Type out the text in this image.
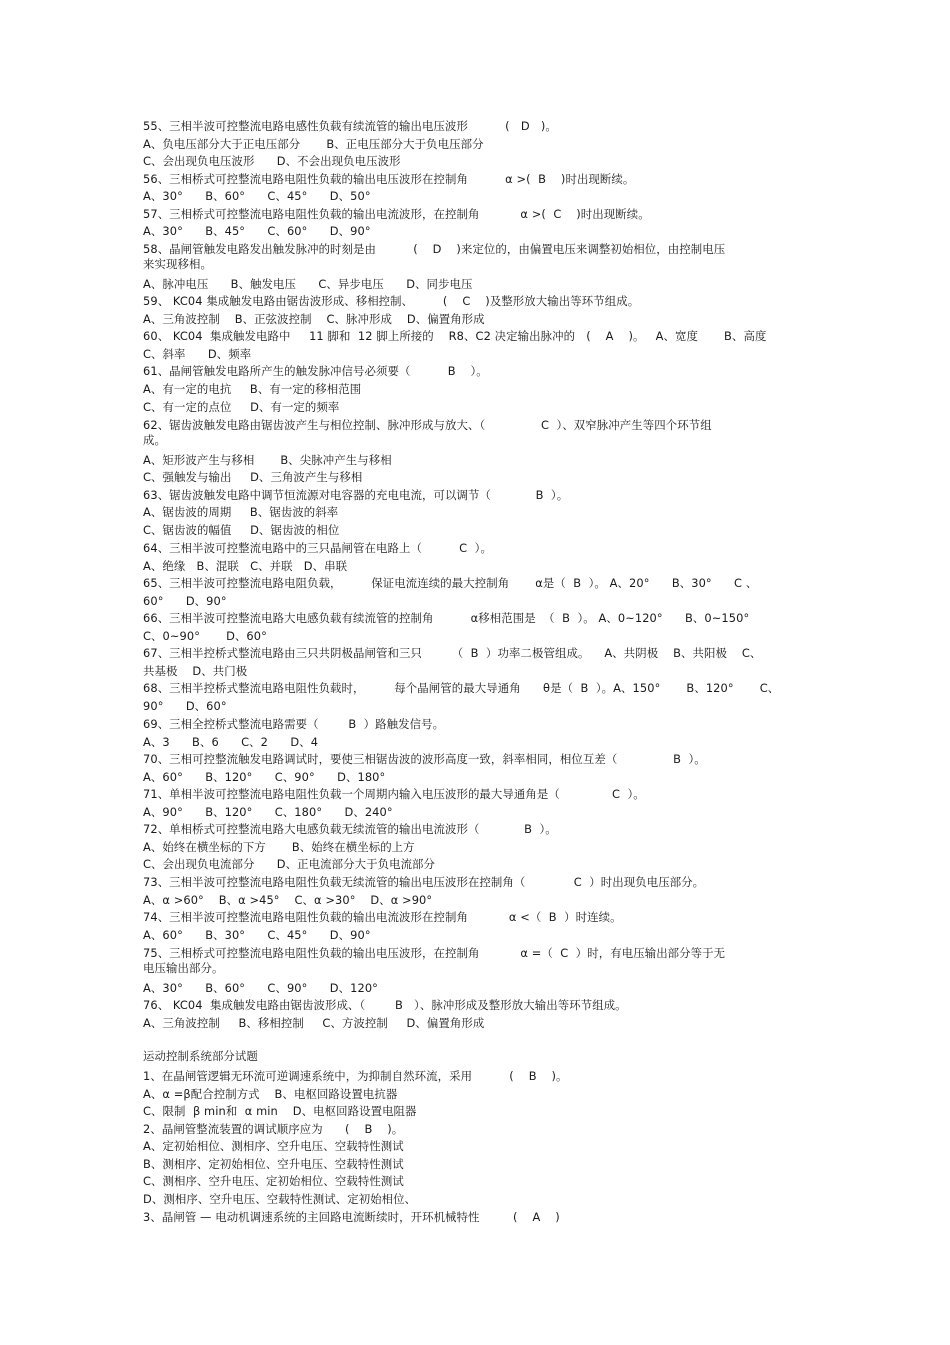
55、三相半波可控整流电路电感性负载有续流管的输出电压波形          (   D   )。
A、负电压部分大于正电压部分       B、正电压部分大于负电压部分
C、会出现负电压波形      D、不会出现负电压波形
56、三相桥式可控整流电路电阻性负载的输出电压波形在控制角          α >(  B    )时出现断续。
A、30°      B、60°      C、45°      D、50°
57、三相桥式可控整流电路电阻性负载的输出电流波形，在控制角           α >(  C    )时出现断续。
A、30°      B、45°      C、60°      D、90°
58、晶闸管触发电路发出触发脉冲的时刻是由          (    D    )来定位的，由偏置电压来调整初始相位，由控制电压
来实现移相。
A、脉冲电压      B、触发电压      C、异步电压      D、同步电压
59、 KC04 集成触发电路由锯齿波形成、移相控制、        (    C    )及整形放大输出等环节组成。
A、三角波控制    B、正弦波控制    C、脉冲形成    D、偏置角形成
60、 KC04  集成触发电路中     11 脚和  12 脚上所接的    R8、C2 决定输出脉冲的   (    A    )。   A、宽度       B、高度
C、斜率      D、频率
61、晶闸管触发电路所产生的触发脉冲信号必须要（          B    ）。
A、有一定的电抗     B、有一定的移相范围
C、有一定的点位     D、有一定的频率
62、锯齿波触发电路由锯齿波产生与相位控制、脉冲形成与放大、（               C  ）、双窄脉冲产生等四个环节组
成。
A、矩形波产生与移相       B、尖脉冲产生与移相
C、强触发与输出     D、三角波产生与移相
63、锯齿波触发电路中调节恒流源对电容器的充电电流，可以调节（            B  ）。
A、锯齿波的周期     B、锯齿波的斜率
C、锯齿波的幅值     D、锯齿波的相位
64、三相半波可控整流电路中的三只晶闸管在电路上（          C  ）。
A、绝缘   B、混联   C、并联   D、串联
65、三相半波可控整流电路电阻负载，        保证电流连续的最大控制角       α是（  B  ）。 A、20°      B、30°      C 、
60°      D、90°
66、三相半波可控整流电路大电感负载有续流管的控制角          α移相范围是  （  B  ）。 A、0~120°      B、0~150°
C、0~90°       D、60°
67、三相半控桥式整流电路由三只共阴极晶闸管和三只        （  B  ）功率二极管组成。    A、共阴极    B、共阳极    C、
共基极    D、共门极
68、三相半控桥式整流电路电阻性负载时，        每个晶闸管的最大导通角      θ是（  B  ）。A、150°       B、120°       C、
90°      D、60°
69、三相全控桥式整流电路需要（        B  ）路触发信号。
A、3      B、6      C、2      D、4
70、三相可控整流触发电路调试时，要使三相锯齿波的波形高度一致，斜率相同，相位互差（               B  ）。
A、60°      B、120°      C、90°      D、180°
71、单相半波可控整流电路电阻性负载一个周期内输入电压波形的最大导通角是（              C  ）。
A、90°      B、120°      C、180°      D、240°
72、单相桥式可控整流电路大电感负载无续流管的输出电流波形（            B  ）。
A、始终在横坐标的下方       B、始终在横坐标的上方
C、会出现负电流部分      D、正电流部分大于负电流部分
73、三相半波可控整流电路电阻性负载无续流管的输出电压波形在控制角（             C  ）时出现负电压部分。
A、α >60°    B、α >45°    C、α >30°    D、α >90°
74、三相半波可控整流电路电阻性负载的输出电流波形在控制角           α <（  B  ）时连续。
A、60°      B、30°      C、45°      D、90°
75、三相桥式可控整流电路电阻性负载的输出电压波形，在控制角           α =（  C  ）时，有电压输出部分等于无
电压输出部分。
A、30°      B、60°      C、90°      D、120°
76、 KC04  集成触发电路由锯齿波形成、（        B   ）、脉冲形成及整形放大输出等环节组成。
A、三角波控制     B、移相控制     C、方波控制     D、偏置角形成
运动控制系统部分试题
1、在晶闸管逻辑无环流可逆调速系统中，为抑制自然环流，采用          (    B    )。
A、α =β配合控制方式    B、电枢回路设置电抗器
C、限制  β min和  α min    D、电枢回路设置电阻器
2、晶闸管整流装置的调试顺序应为      (    B    )。
A、定初始相位、测相序、空升电压、空载特性测试
B、测相序、定初始相位、空升电压、空载特性测试
C、测相序、空升电压、定初始相位、空载特性测试
D、测相序、空升电压、空载特性测试、定初始相位、
3、晶闸管 — 电动机调速系统的主回路电流断续时，开环机械特性         (    A    )
